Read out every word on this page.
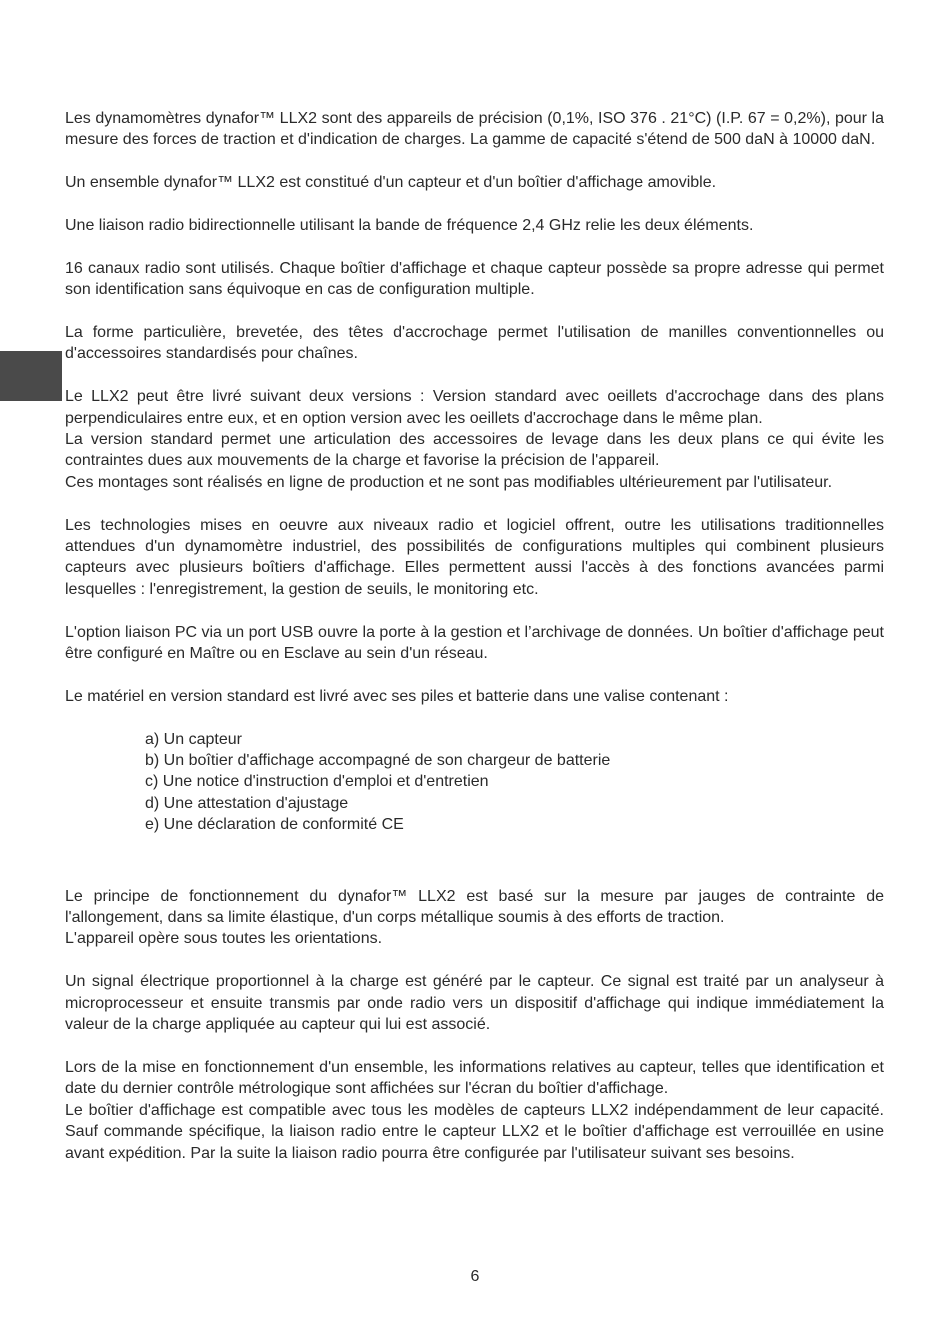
Les dynamomètres dynafor™ LLX2 sont des appareils de précision (0,1%, ISO 376 . 21°C) (I.P. 67 = 0,2%), pour la mesure des forces de traction et d'indication de charges. La gamme de capacité s'étend de 500 daN à 10000 daN.

Un ensemble dynafor™ LLX2 est constitué d'un capteur et d'un boîtier d'affichage amovible.

Une liaison radio bidirectionnelle utilisant la bande de fréquence 2,4 GHz relie les deux éléments.

16 canaux radio sont utilisés. Chaque boîtier d'affichage et chaque capteur possède sa propre adresse qui permet son identification sans équivoque en cas de configuration multiple.

La forme particulière, brevetée, des têtes d'accrochage permet l'utilisation de manilles conventionnelles ou d'accessoires standardisés pour chaînes.

Le LLX2 peut être livré suivant deux versions : Version standard avec oeillets d'accrochage dans des plans perpendiculaires entre eux, et en option version avec les oeillets d'accrochage dans le même plan.
La version standard permet une articulation des accessoires de levage dans les deux plans ce qui évite les contraintes dues aux mouvements de la charge et favorise la précision de l'appareil.
Ces montages sont réalisés en ligne de production et ne sont pas modifiables ultérieurement par l'utilisateur.

Les technologies mises en oeuvre aux niveaux radio et logiciel offrent, outre les utilisations traditionnelles attendues d'un dynamomètre industriel, des possibilités de configurations multiples qui combinent plusieurs capteurs avec plusieurs boîtiers d'affichage. Elles permettent aussi l'accès à des fonctions avancées parmi lesquelles : l'enregistrement, la gestion de seuils, le monitoring etc.

L'option liaison PC via un port USB ouvre la porte à la gestion et l’archivage de données. Un boîtier d'affichage peut être configuré en Maître ou en Esclave au sein d'un réseau.

Le matériel en version standard est livré avec ses piles et batterie dans une valise contenant :

a) Un capteur
b) Un boîtier d'affichage accompagné de son chargeur de batterie
c) Une notice d'instruction d'emploi et d'entretien
d) Une attestation d'ajustage
e) Une déclaration de conformité CE

Le principe de fonctionnement du dynafor™ LLX2 est basé sur la mesure par jauges de contrainte de l'allongement, dans sa limite élastique, d'un corps métallique soumis à des efforts de traction.
L'appareil opère sous toutes les orientations.

Un signal électrique proportionnel à la charge est généré par le capteur. Ce signal est traité par un analyseur à microprocesseur et ensuite transmis par onde radio vers un dispositif d'affichage qui indique immédiatement la valeur de la charge appliquée au capteur qui lui est associé.

Lors de la mise en fonctionnement d'un ensemble, les informations relatives au capteur, telles que identification et date du dernier contrôle métrologique sont affichées sur l'écran du boîtier d'affichage.
Le boîtier d'affichage est compatible avec tous les modèles de capteurs LLX2 indépendamment de leur capacité. Sauf commande spécifique, la liaison radio entre le capteur LLX2 et le boîtier d'affichage est verrouillée en usine avant expédition. Par la suite la liaison radio pourra être configurée par l'utilisateur suivant ses besoins.

6
